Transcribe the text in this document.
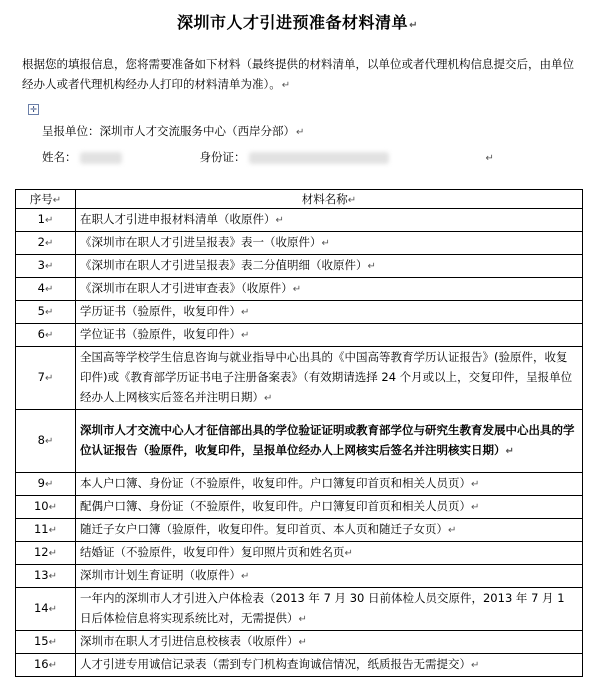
深圳市人才引进预准备材料清单↵
根据您的填报信息，您将需要准备如下材料（最终提供的材料清单，以单位或者代理机构信息提交后，由单位经办人或者代理机构经办人打印的材料清单为准）。↵
✛
呈报单位：深圳市人才交流服务中心（西岸分部）↵
姓名：	身份证：	↵
序号↵	材料名称↵
1↵	在职人才引进申报材料清单（收原件）↵
2↵	《深圳市在职人才引进呈报表》表一（收原件）↵
3↵	《深圳市在职人才引进呈报表》表二分值明细（收原件）↵
4↵	《深圳市在职人才引进审查表》（收原件）↵
5↵	学历证书（验原件，收复印件）↵
6↵	学位证书（验原件，收复印件）↵
7↵	全国高等学校学生信息咨询与就业指导中心出具的《中国高等教育学历认证报告》(验原件，收复印件)或《教育部学历证书电子注册备案表》（有效期请选择 24 个月或以上，交复印件，呈报单位经办人上网核实后签名并注明日期）↵
8↵	深圳市人才交流中心人才征信部出具的学位验证证明或教育部学位与研究生教育发展中心出具的学位认证报告（验原件，收复印件，呈报单位经办人上网核实后签名并注明核实日期）↵
9↵	本人户口簿、身份证（不验原件，收复印件。户口簿复印首页和相关人员页）↵
10↵	配偶户口簿、身份证（不验原件，收复印件。户口簿复印首页和相关人员页）↵
11↵	随迁子女户口簿（验原件，收复印件。复印首页、本人页和随迁子女页）↵
12↵	结婚证（不验原件，收复印件）复印照片页和姓名页↵
13↵	深圳市计划生育证明（收原件）↵
14↵	一年内的深圳市人才引进入户体检表（2013 年 7 月 30 日前体检人员交原件，2013 年 7 月 1 日后体检信息将实现系统比对，无需提供）↵
15↵	深圳市在职人才引进信息校核表（收原件）↵
16↵	人才引进专用诚信记录表（需到专门机构查询诚信情况，纸质报告无需提交）↵
